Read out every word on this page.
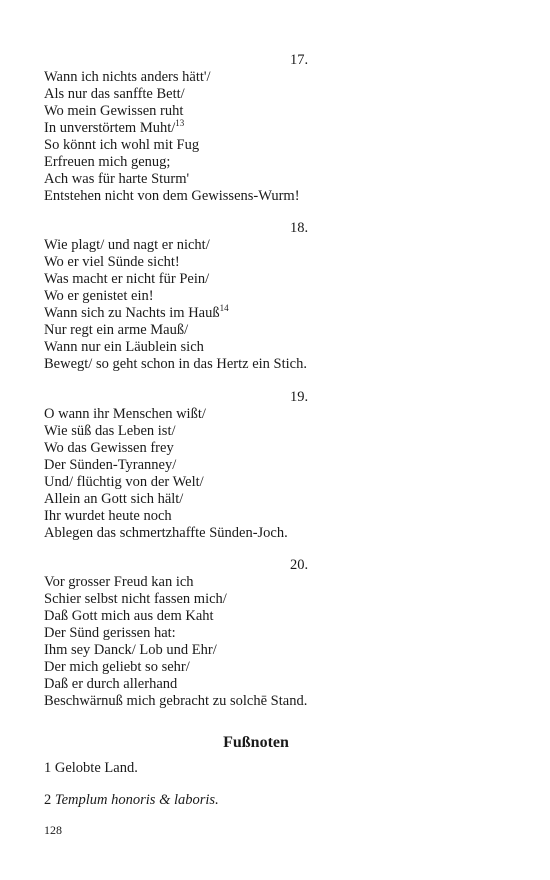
17.
Wann ich nichts anders hätt'/
Als nur das sanffte Bett/
Wo mein Gewissen ruht
In unverstörtem Muht/$^{13}$
So könnt ich wohl mit Fug
Erfreuen mich genug;
Ach was für harte Sturm'
Entstehen nicht von dem Gewissens-Wurm!
18.
Wie plagt/ und nagt er nicht/
Wo er viel Sünde sicht!
Was macht er nicht für Pein/
Wo er genistet ein!
Wann sich zu Nachts im Hauß$^{14}$
Nur regt ein arme Mauß/
Wann nur ein Läublein sich
Bewegt/ so geht schon in das Hertz ein Stich.
19.
O wann ihr Menschen wißt/
Wie süß das Leben ist/
Wo das Gewissen frey
Der Sünden-Tyranney/
Und/ flüchtig von der Welt/
Allein an Gott sich hält/
Ihr wurdet heute noch
Ablegen das schmertzhaffte Sünden-Joch.
20.
Vor grosser Freud kan ich
Schier selbst nicht fassen mich/
Daß Gott mich aus dem Kaht
Der Sünd gerissen hat:
Ihm sey Danck/ Lob und Ehr/
Der mich geliebt so sehr/
Daß er durch allerhand
Beschwärnuß mich gebracht zu solchē Stand.
Fußnoten
1 Gelobte Land.
2 Templum honoris & laboris.
128
